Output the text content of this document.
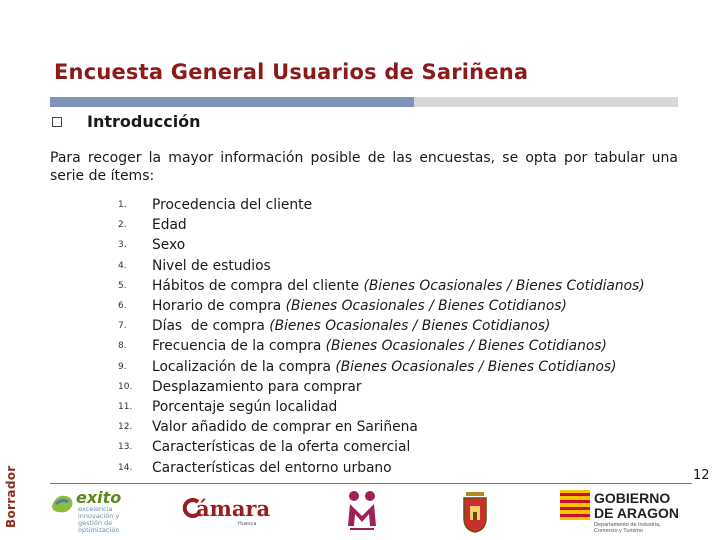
Encuesta General Usuarios de Sariñena
Introducción

Para recoger la mayor información posible de las encuestas, se opta por tabular una serie de ítems:

1.	Procedencia del cliente
2.	Edad
3.	Sexo
4.	Nivel de estudios
5.	Hábitos de compra del cliente (Bienes Ocasionales / Bienes Cotidianos)
6.	Horario de compra (Bienes Ocasionales / Bienes Cotidianos)
7.	Días  de compra (Bienes Ocasionales / Bienes Cotidianos)
8.	Frecuencia de la compra (Bienes Ocasionales / Bienes Cotidianos)
9.	Localización de la compra (Bienes Ocasionales / Bienes Cotidianos)
10.	Desplazamiento para comprar
11.	Porcentaje según localidad
12.	Valor añadido de comprar en Sariñena
13.	Características de la oferta comercial
14.	Características del entorno urbano	12
Borrador	exito
excelencia innovación y gestión de optimización
ámara
Huesca
GOBIERNO
DE ARAGON
Departamento de Industria, Comercio y Turismo
